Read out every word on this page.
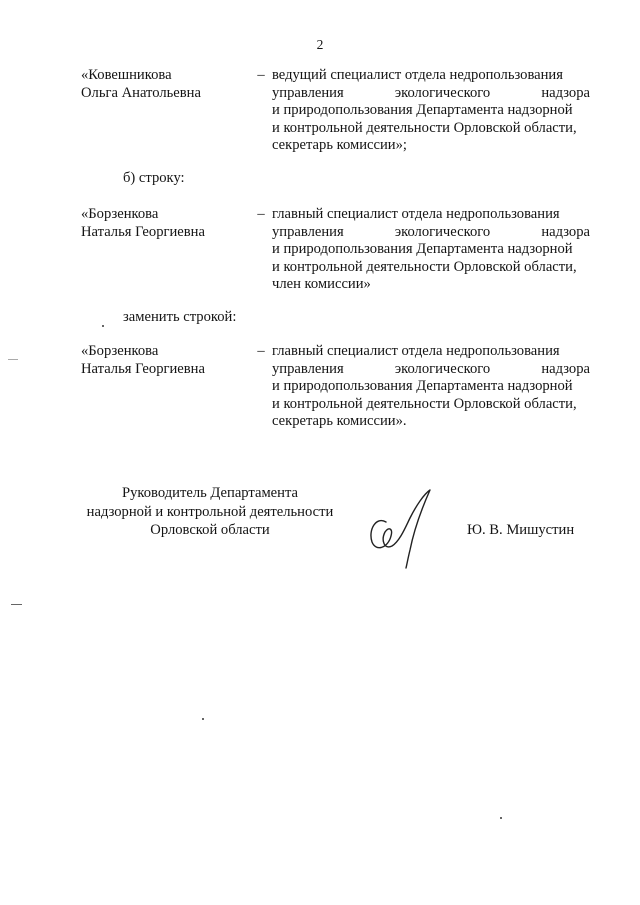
2
«Ковешникова
Ольга Анатольевна
– ведущий специалист отдела недропользования
управления	экологического	надзора
и природопользования Департамента надзорной
и контрольной деятельности Орловской области,
секретарь комиссии»;
б) строку:
«Борзенкова
Наталья Георгиевна
– главный специалист отдела недропользования
управления	экологического	надзора
и природопользования Департамента надзорной
и контрольной деятельности Орловской области,
член комиссии»
заменить строкой:
«Борзенкова
Наталья Георгиевна
– главный специалист отдела недропользования
управления	экологического	надзора
и природопользования Департамента надзорной
и контрольной деятельности Орловской области,
секретарь комиссии».
Руководитель Департамента
надзорной и контрольной деятельности
Орловской области	Ю. В. Мишустин
